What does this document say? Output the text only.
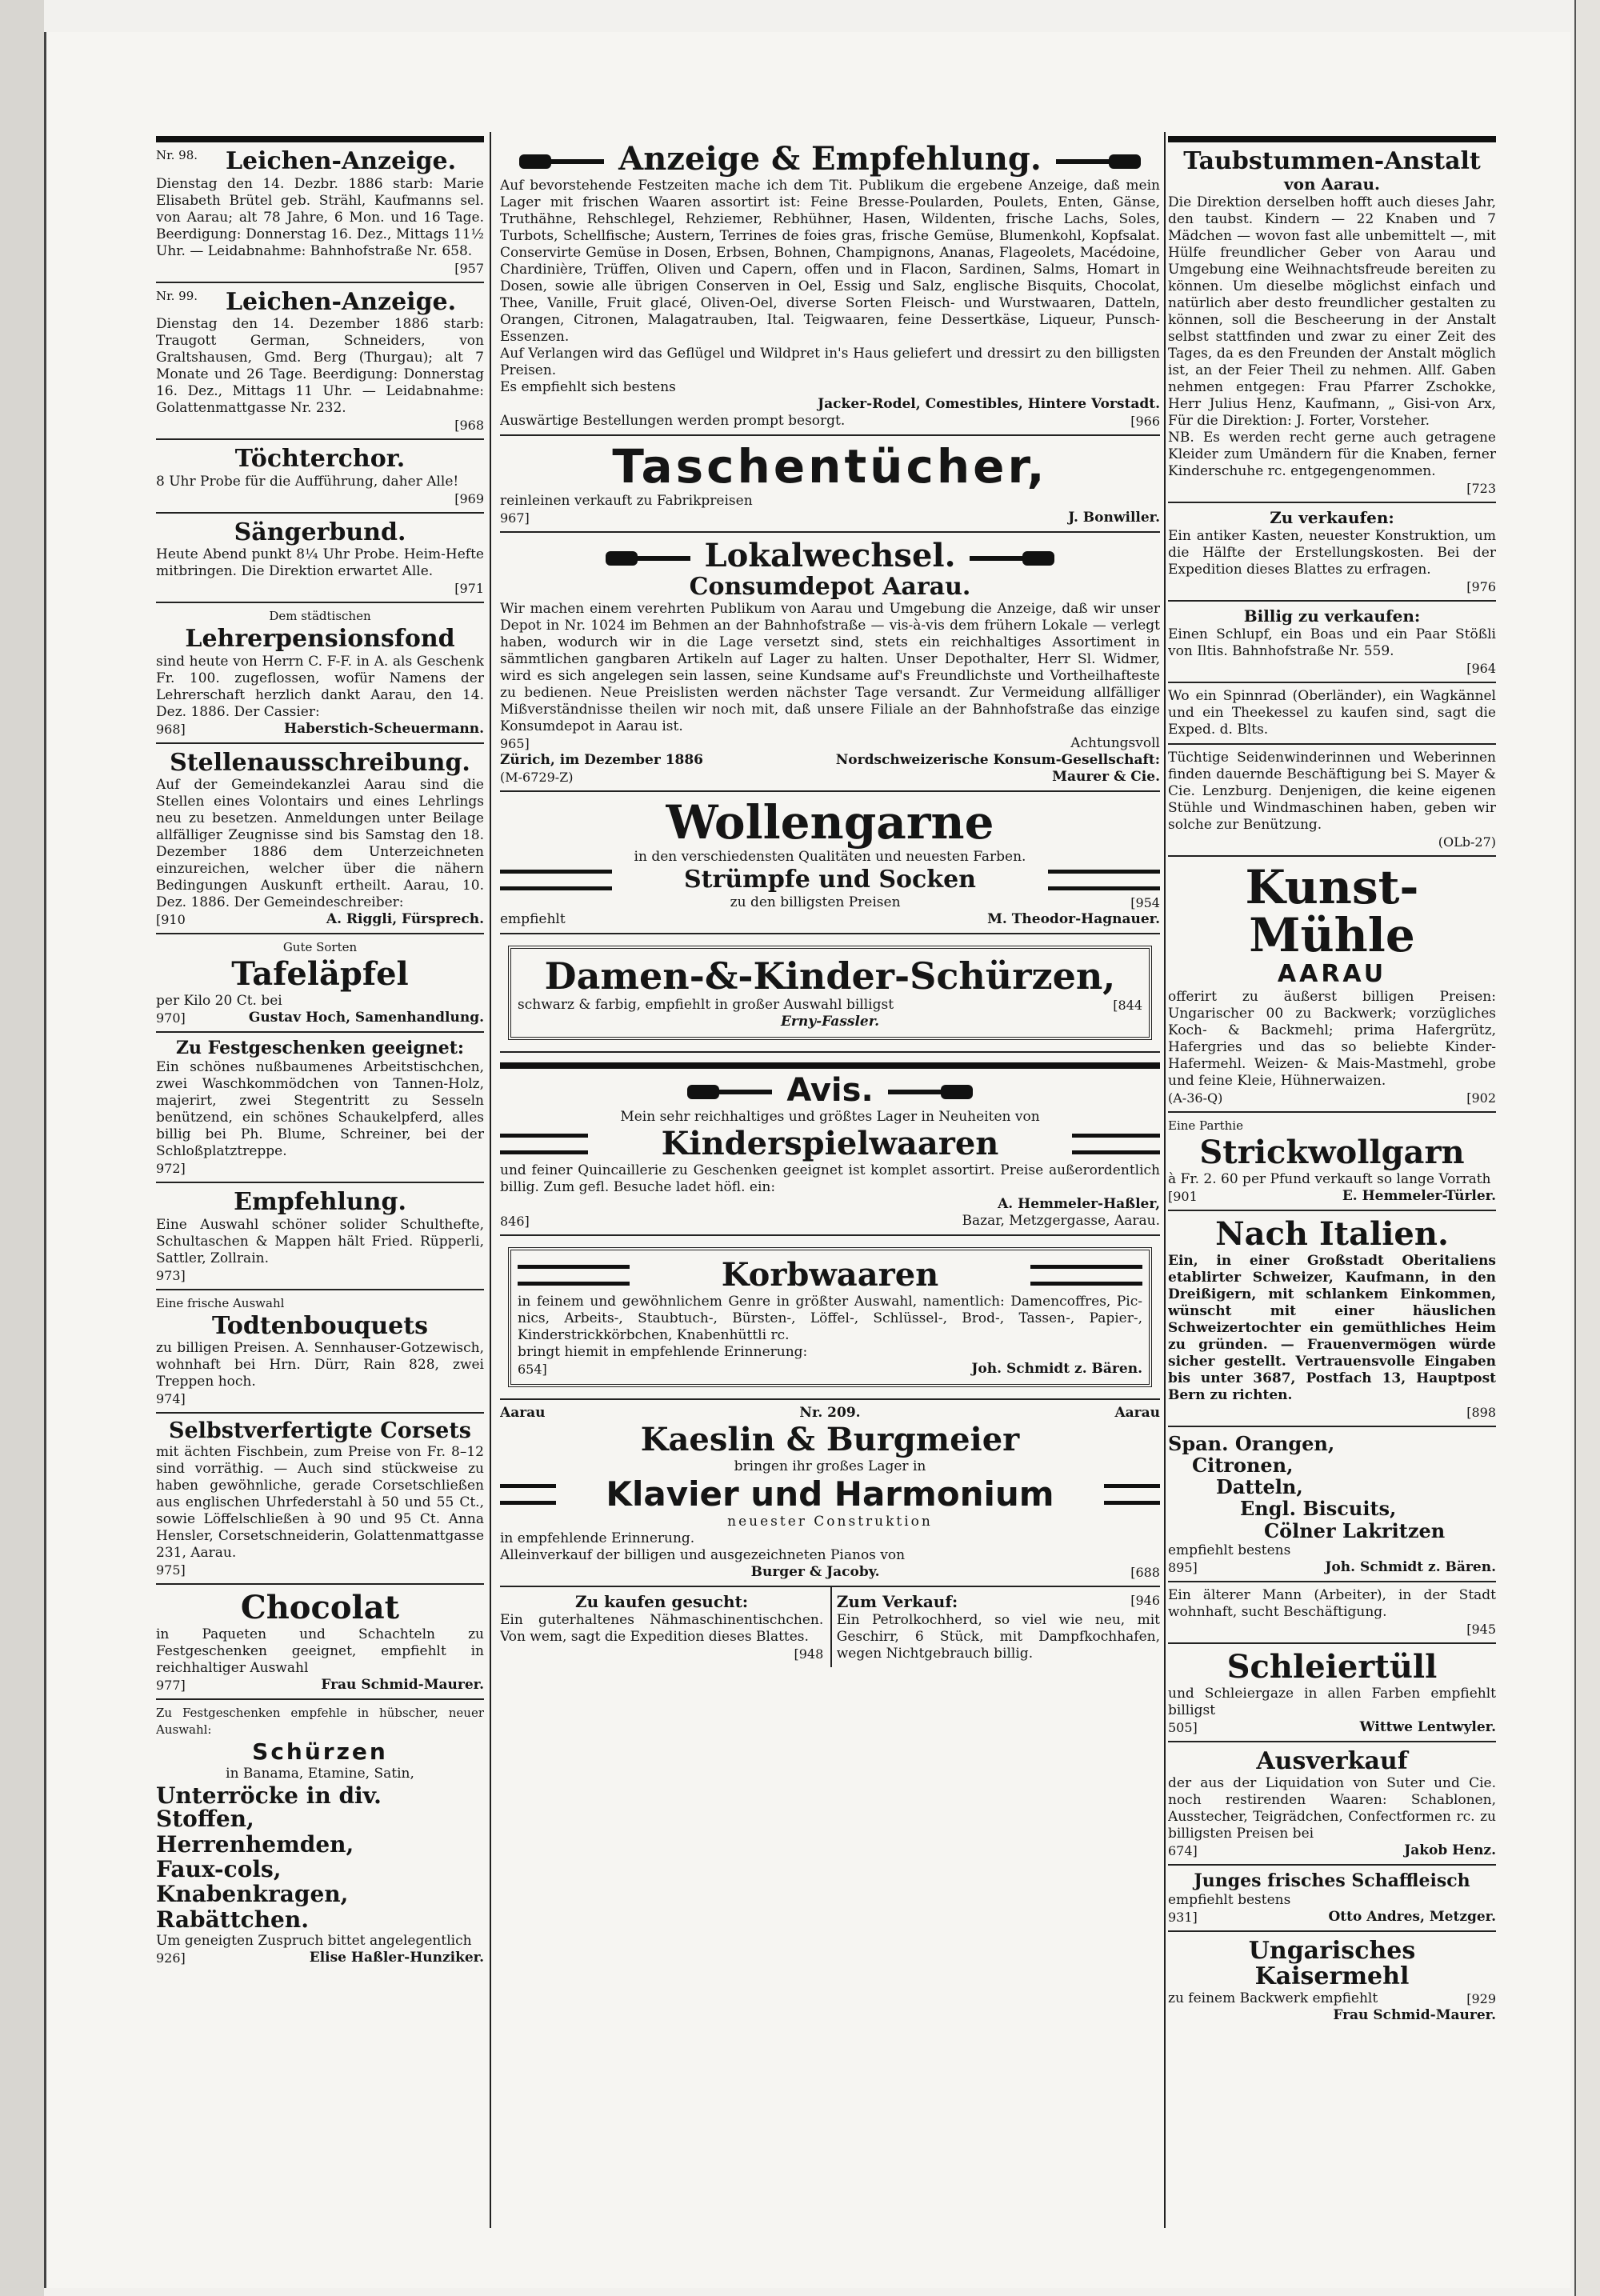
Nr. 98.	Leichen-Anzeige.

Dienstag den 14. Dezbr. 1886 starb: Marie Elisabeth Brütel geb. Strähl, Kaufmanns sel. von Aarau; alt 78 Jahre, 6 Mon. und 16 Tage. Beerdigung: Donnerstag 16. Dez., Mittags 11½ Uhr. — Leidabnahme: Bahnhofstraße Nr. 658.

[957
Nr. 99.	Leichen-Anzeige.

Dienstag den 14. Dezember 1886 starb: Traugott German, Schneiders, von Graltshausen, Gmd. Berg (Thurgau); alt 7 Monate und 26 Tage. Beerdigung: Donnerstag 16. Dez., Mittags 11 Uhr. — Leidabnahme: Golattenmattgasse Nr. 232.

[968
Töchterchor.

8 Uhr Probe für die Aufführung, daher Alle!

[969
Sängerbund.

Heute Abend punkt 8¼ Uhr Probe. Heim-Hefte mitbringen. Die Direktion erwartet Alle.

[971
Dem städtischen
Lehrerpensionsfond

sind heute von Herrn C. F-F. in A. als Geschenk Fr. 100. zugeflossen, wofür Namens der Lehrerschaft herzlich dankt Aarau, den 14. Dez. 1886. Der Cassier:

968]	Haberstich-Scheuermann.
Stellenausschreibung.

Auf der Gemeindekanzlei Aarau sind die Stellen eines Volontairs und eines Lehrlings neu zu besetzen. Anmeldungen unter Beilage allfälliger Zeugnisse sind bis Samstag den 18. Dezember 1886 dem Unterzeichneten einzureichen, welcher über die nähern Bedingungen Auskunft ertheilt. Aarau, 10. Dez. 1886. Der Gemeindeschreiber:

[910	A. Riggli, Fürsprech.
Gute Sorten
Tafeläpfel

per Kilo 20 Ct. bei

970]	Gustav Hoch, Samenhandlung.
Zu Festgeschenken geeignet:

Ein schönes nußbaumenes Arbeitstischchen, zwei Waschkommödchen von Tannen-Holz, majerirt, zwei Stegentritt zu Sesseln benützend, ein schönes Schaukelpferd, alles billig bei Ph. Blume, Schreiner, bei der Schloßplatztreppe.

972]
Empfehlung.

Eine Auswahl schöner solider Schulthefte, Schultaschen & Mappen hält Fried. Rüpperli, Sattler, Zollrain.

973]
Eine frische Auswahl
Todtenbouquets

zu billigen Preisen. A. Sennhauser-Gotzewisch, wohnhaft bei Hrn. Dürr, Rain 828, zwei Treppen hoch.

974]
Selbstverfertigte Corsets

mit ächten Fischbein, zum Preise von Fr. 8–12 sind vorräthig. — Auch sind stückweise zu haben gewöhnliche, gerade Corsetschließen aus englischen Uhrfederstahl à 50 und 55 Ct., sowie Löffelschließen à 90 und 95 Ct. Anna Hensler, Corsetschneiderin, Golattenmattgasse 231, Aarau.

975]
Chocolat

in Paqueten und Schachteln zu Festgeschenken geeignet, empfiehlt in reichhaltiger Auswahl

977]	Frau Schmid-Maurer.

Zu Festgeschenken empfehle in hübscher, neuer Auswahl:

Schürzen
in Banama, Etamine, Satin,
Unterröcke in div. Stoffen,
Herrenhemden,
Faux-cols,
Knabenkragen,
Rabättchen.

Um geneigten Zuspruch bittet angelegentlich

926]	Elise Haßler-Hunziker.
Anzeige & Empfehlung.

Auf bevorstehende Festzeiten mache ich dem Tit. Publikum die ergebene Anzeige, daß mein Lager mit frischen Waaren assortirt ist: Feine Bresse-Poularden, Poulets, Enten, Gänse, Truthähne, Rehschlegel, Rehziemer, Rebhühner, Hasen, Wildenten, frische Lachs, Soles, Turbots, Schellfische; Austern, Terrines de foies gras, frische Gemüse, Blumenkohl, Kopfsalat. Conservirte Gemüse in Dosen, Erbsen, Bohnen, Champignons, Ananas, Flageolets, Macédoine, Chardinière, Trüffen, Oliven und Capern, offen und in Flacon, Sardinen, Salms, Homart in Dosen, sowie alle übrigen Conserven in Oel, Essig und Salz, englische Bisquits, Chocolat, Thee, Vanille, Fruit glacé, Oliven-Oel, diverse Sorten Fleisch- und Wurstwaaren, Datteln, Orangen, Citronen, Malagatrauben, Ital. Teigwaaren, feine Dessertkäse, Liqueur, Punsch-Essenzen.

Auf Verlangen wird das Geflügel und Wildpret in's Haus geliefert und dressirt zu den billigsten Preisen.

Es empfiehlt sich bestens

Jacker-Rodel, Comestibles, Hintere Vorstadt.
Auswärtige Bestellungen werden prompt besorgt.	[966
Taschentücher,

reinleinen verkauft zu Fabrikpreisen

967]	J. Bonwiller.
Lokalwechsel.
Consumdepot Aarau.

Wir machen einem verehrten Publikum von Aarau und Umgebung die Anzeige, daß wir unser Depot in Nr. 1024 im Behmen an der Bahnhofstraße — vis-à-vis dem frühern Lokale — verlegt haben, wodurch wir in die Lage versetzt sind, stets ein reichhaltiges Assortiment in sämmtlichen gangbaren Artikeln auf Lager zu halten. Unser Depothalter, Herr Sl. Widmer, wird es sich angelegen sein lassen, seine Kundsame auf's Freundlichste und Vortheilhafteste zu bedienen. Neue Preislisten werden nächster Tage versandt. Zur Vermeidung allfälliger Mißverständnisse theilen wir noch mit, daß unsere Filiale an der Bahnhofstraße das einzige Konsumdepot in Aarau ist.

965]	Achtungsvoll
Zürich, im Dezember 1886	Nordschweizerische Konsum-Gesellschaft:
(M-6729-Z)	Maurer & Cie.
Wollengarne
in den verschiedensten Qualitäten und neuesten Farben.
Strümpfe und Socken
zu den billigsten Preisen	[954
empfiehlt	M. Theodor-Hagnauer.
Damen-&-Kinder-Schürzen,
schwarz & farbig, empfiehlt in großer Auswahl billigst	[844
Erny-Fassler.
Avis.
Mein sehr reichhaltiges und größtes Lager in Neuheiten von
Kinderspielwaaren

und feiner Quincaillerie zu Geschenken geeignet ist komplet assortirt. Preise außerordentlich billig. Zum gefl. Besuche ladet höfl. ein:

A. Hemmeler-Haßler,
846]	Bazar, Metzgergasse, Aarau.
Korbwaaren

in feinem und gewöhnlichem Genre in größter Auswahl, namentlich: Damencoffres, Pic-nics, Arbeits-, Staubtuch-, Bürsten-, Löffel-, Schlüssel-, Brod-, Tassen-, Papier-, Kinderstrickkörbchen, Knabenhüttli rc.

bringt hiemit in empfehlende Erinnerung:

654]	Joh. Schmidt z. Bären.
Aarau	Nr. 209.	Aarau
Kaeslin & Burgmeier
bringen ihr großes Lager in
Klavier und Harmonium
neuester Construktion

in empfehlende Erinnerung.

Alleinverkauf der billigen und ausgezeichneten Pianos von

Burger & Jacoby.	[688
Zu kaufen gesucht:

Ein guterhaltenes Nähmaschinentischchen. Von wem, sagt die Expedition dieses Blattes.

[948
Zum Verkauf:	[946

Ein Petrolkochherd, so viel wie neu, mit Geschirr, 6 Stück, mit Dampfkochhafen, wegen Nichtgebrauch billig.

Taubstummen-Anstalt
von Aarau.

Die Direktion derselben hofft auch dieses Jahr, den taubst. Kindern — 22 Knaben und 7 Mädchen — wovon fast alle unbemittelt —, mit Hülfe freundlicher Geber von Aarau und Umgebung eine Weihnachtsfreude bereiten zu können. Um dieselbe möglichst einfach und natürlich aber desto freundlicher gestalten zu können, soll die Bescheerung in der Anstalt selbst stattfinden und zwar zu einer Zeit des Tages, da es den Freunden der Anstalt möglich ist, an der Feier Theil zu nehmen. Allf. Gaben nehmen entgegen: Frau Pfarrer Zschokke, Herr Julius Henz, Kaufmann, „ Gisi-von Arx, Für die Direktion: J. Forter, Vorsteher.

NB. Es werden recht gerne auch getragene Kleider zum Umändern für die Knaben, ferner Kinderschuhe rc. entgegengenommen.

[723
Zu verkaufen:

Ein antiker Kasten, neuester Konstruktion, um die Hälfte der Erstellungskosten. Bei der Expedition dieses Blattes zu erfragen.

[976
Billig zu verkaufen:

Einen Schlupf, ein Boas und ein Paar Stößli von Iltis. Bahnhofstraße Nr. 559.

[964

Wo ein Spinnrad (Oberländer), ein Wagkännel und ein Theekessel zu kaufen sind, sagt die Exped. d. Blts.

Tüchtige Seidenwinderinnen und Weberinnen finden dauernde Beschäftigung bei S. Mayer & Cie. Lenzburg. Denjenigen, die keine eigenen Stühle und Windmaschinen haben, geben wir solche zur Benützung.

(OLb-27)
Kunst-Mühle
AARAU

offerirt zu äußerst billigen Preisen: Ungarischer 00 zu Backwerk; vorzügliches Koch- & Backmehl; prima Hafergrütz, Hafergries und das so beliebte Kinder-Hafermehl. Weizen- & Mais-Mastmehl, grobe und feine Kleie, Hühnerwaizen.

(A-36-Q)	[902
Eine Parthie
Strickwollgarn

à Fr. 2. 60 per Pfund verkauft so lange Vorrath

[901	E. Hemmeler-Türler.
Nach Italien.

Ein, in einer Großstadt Oberitaliens etablirter Schweizer, Kaufmann, in den Dreißigern, mit schlankem Einkommen, wünscht mit einer häuslichen Schweizertochter ein gemüthliches Heim zu gründen. — Frauenvermögen würde sicher gestellt. Vertrauensvolle Eingaben bis unter 3687, Postfach 13, Hauptpost Bern zu richten.

[898
Span. Orangen,
Citronen,
Datteln,
Engl. Biscuits,
Cölner Lakritzen

empfiehlt bestens

895]	Joh. Schmidt z. Bären.

Ein älterer Mann (Arbeiter), in der Stadt wohnhaft, sucht Beschäftigung.

[945
Schleiertüll

und Schleiergaze in allen Farben empfiehlt billigst

505]	Wittwe Lentwyler.
Ausverkauf

der aus der Liquidation von Suter und Cie. noch restirenden Waaren: Schablonen, Ausstecher, Teigrädchen, Confectformen rc. zu billigsten Preisen bei

674]	Jakob Henz.
Junges frisches Schaffleisch

empfiehlt bestens

931]	Otto Andres, Metzger.
Ungarisches Kaisermehl
zu feinem Backwerk empfiehlt	[929
Frau Schmid-Maurer.
